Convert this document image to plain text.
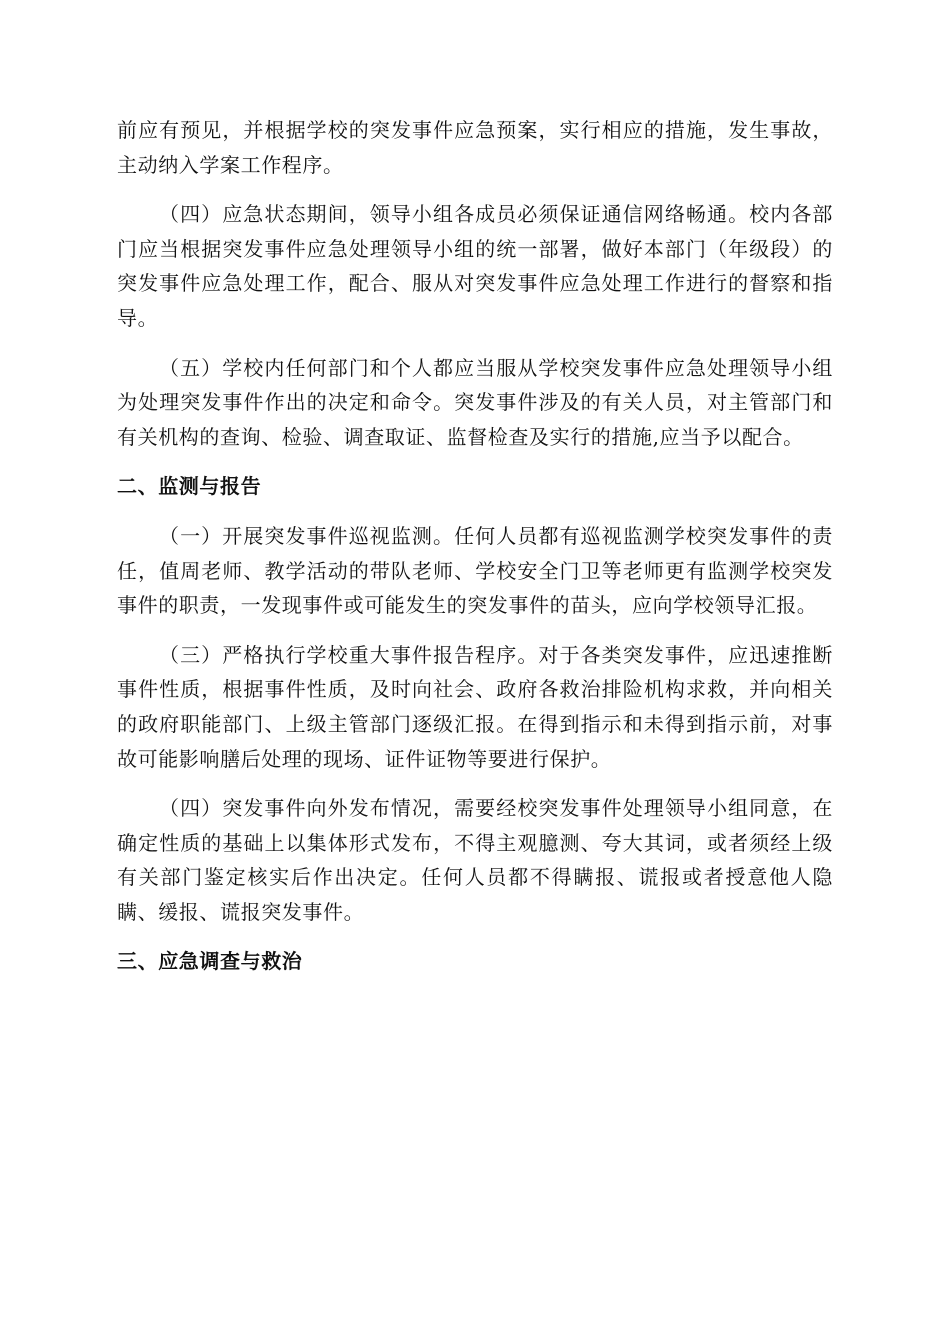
前应有预见，并根据学校的突发事件应急预案，实行相应的措施，发生事故，主动纳入学案工作程序。

（四）应急状态期间，领导小组各成员必须保证通信网络畅通。校内各部门应当根据突发事件应急处理领导小组的统一部署，做好本部门（年级段）的突发事件应急处理工作，配合、服从对突发事件应急处理工作进行的督察和指导。

（五）学校内任何部门和个人都应当服从学校突发事件应急处理领导小组为处理突发事件作出的决定和命令。突发事件涉及的有关人员，对主管部门和有关机构的查询、检验、调查取证、监督检查及实行的措施,应当予以配合。

二、监测与报告

（一）开展突发事件巡视监测。任何人员都有巡视监测学校突发事件的责任，值周老师、教学活动的带队老师、学校安全门卫等老师更有监测学校突发事件的职责，一发现事件或可能发生的突发事件的苗头，应向学校领导汇报。

（三）严格执行学校重大事件报告程序。对于各类突发事件，应迅速推断事件性质，根据事件性质，及时向社会、政府各救治排险机构求救，并向相关的政府职能部门、上级主管部门逐级汇报。在得到指示和未得到指示前，对事故可能影响膳后处理的现场、证件证物等要进行保护。

（四）突发事件向外发布情况，需要经校突发事件处理领导小组同意，在确定性质的基础上以集体形式发布，不得主观臆测、夸大其词，或者须经上级有关部门鉴定核实后作出决定。任何人员都不得瞒报、谎报或者授意他人隐瞒、缓报、谎报突发事件。

三、应急调查与救治
